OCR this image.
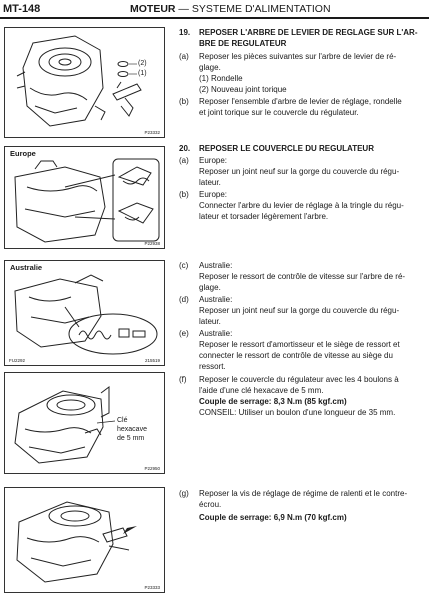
MT-148	MOTEUR — SYSTEME D'ALIMENTATION
(2)
(1)
P23332
Europe
P22938
Australie
FU2292	215519
Clé
hexacave
de 5 mm
P22950
P23333
19. REPOSER L'ARBRE DE LEVIER DE REGLAGE SUR L'AR-
BRE DE REGULATEUR
(a) Reposer les pièces suivantes sur l'arbre de levier de ré-
glage.
(1) Rondelle
(2) Nouveau joint torique
(b) Reposer l'ensemble d'arbre de levier de réglage, rondelle
et joint torique sur le couvercle du régulateur.
20. REPOSER LE COUVERCLE DU REGULATEUR
(a) Europe:
Reposer un joint neuf sur la gorge du couvercle du régu-
lateur.
(b) Europe:
Connecter l'arbre du levier de réglage à la tringle du régu-
lateur et torsader légèrement l'arbre.
(c) Australie:
Reposer le ressort de contrôle de vitesse sur l'arbre de ré-
glage.
(d) Australie:
Reposer un joint neuf sur la gorge du couvercle du régu-
lateur.
(e) Australie:
Reposer le ressort d'amortisseur et le siège de ressort et
connecter le ressort de contrôle de vitesse au siège du
ressort.
(f) Reposer le couvercle du régulateur avec les 4 boulons à
l'aide d'une clé hexacave de 5 mm.
Couple de serrage: 8,3 N.m (85 kgf.cm)
CONSEIL: Utiliser un boulon d'une longueur de 35 mm.
(g) Reposer la vis de réglage de régime de ralenti et le contre-
écrou.
Couple de serrage: 6,9 N.m (70 kgf.cm)
